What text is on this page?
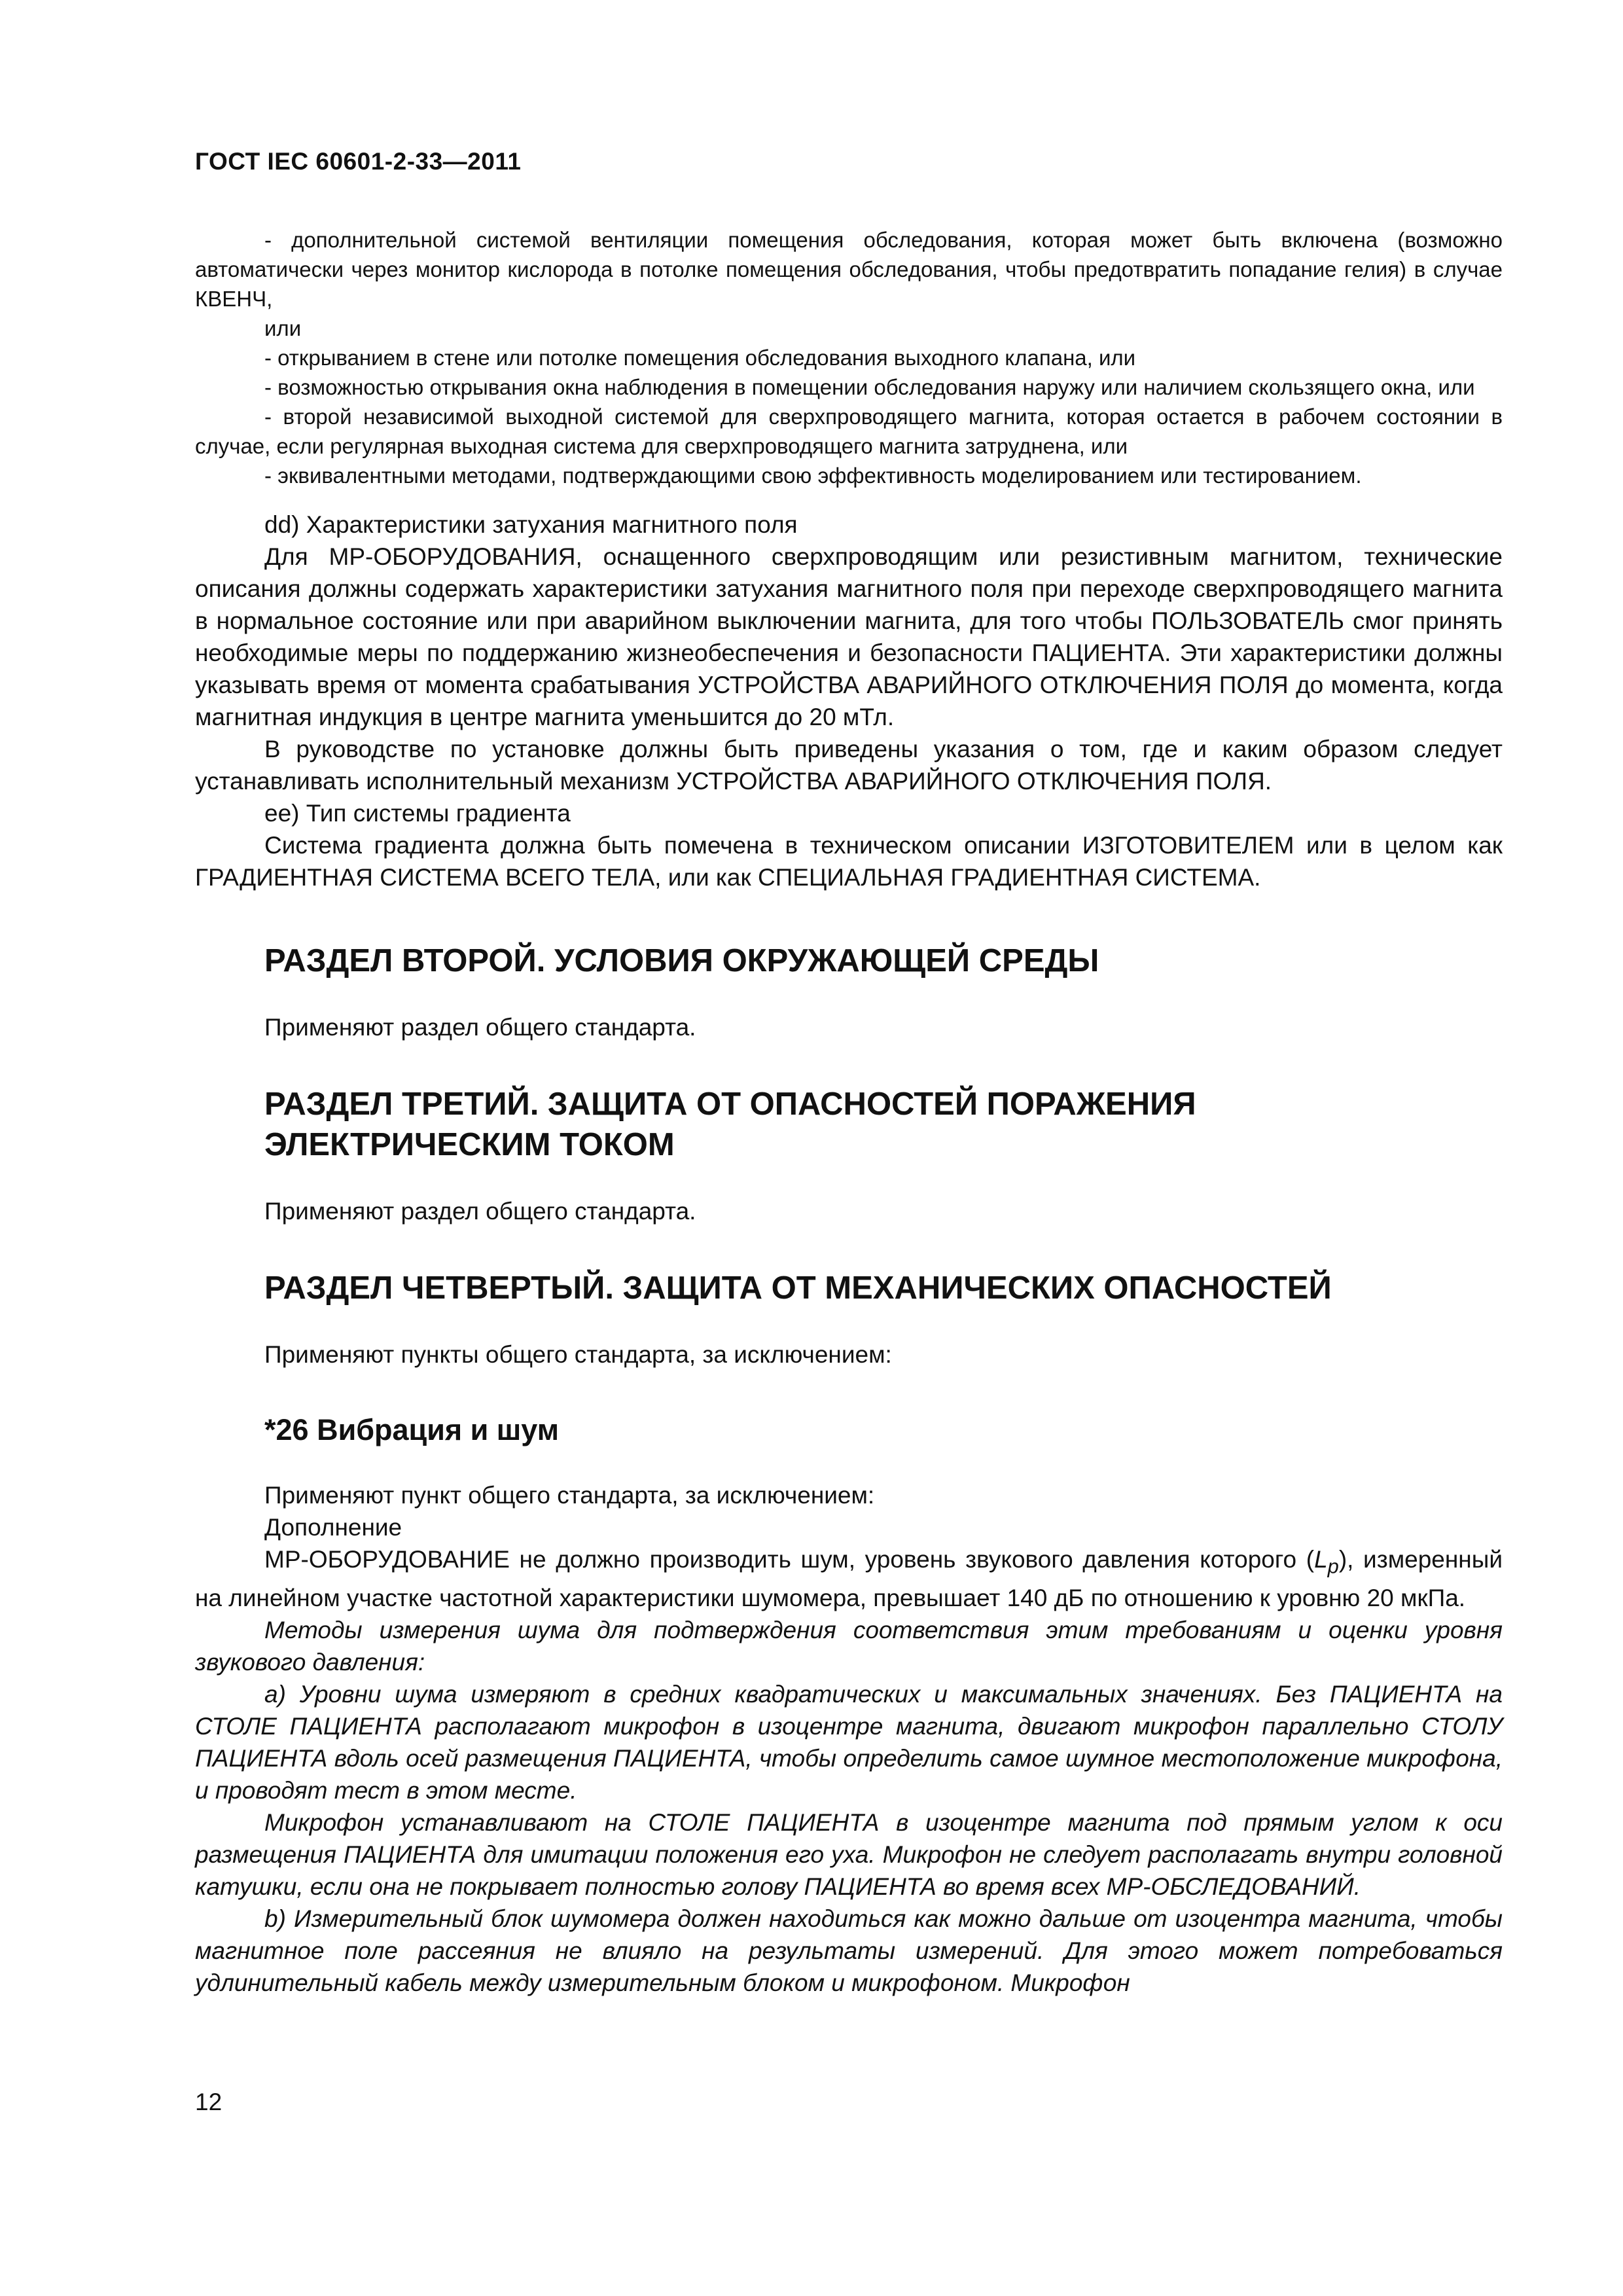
ГОСТ IEC 60601-2-33—2011

- дополнительной системой вентиляции помещения обследования, которая может быть включена (возможно автоматически через монитор кислорода в потолке помещения обследования, чтобы предотвратить попадание гелия) в случае КВЕНЧ,

или

- открыванием в стене или потолке помещения обследования выходного клапана, или

- возможностью открывания окна наблюдения в помещении обследования наружу или наличием скользящего окна, или

- второй независимой выходной системой для сверхпроводящего магнита, которая остается в рабочем состоянии в случае, если регулярная выходная система для сверхпроводящего магнита затруднена, или

- эквивалентными методами, подтверждающими свою эффективность моделированием или тестированием.

dd) Характеристики затухания магнитного поля

Для МР-ОБОРУДОВАНИЯ, оснащенного сверхпроводящим или резистивным магнитом, технические описания должны содержать характеристики затухания магнитного поля при переходе сверхпроводящего магнита в нормальное состояние или при аварийном выключении магнита, для того чтобы ПОЛЬЗОВАТЕЛЬ смог принять необходимые меры по поддержанию жизнеобеспечения и безопасности ПАЦИЕНТА. Эти характеристики должны указывать время от момента срабатывания УСТРОЙСТВА АВАРИЙНОГО ОТКЛЮЧЕНИЯ ПОЛЯ до момента, когда магнитная индукция в центре магнита уменьшится до 20 мТл.

В руководстве по установке должны быть приведены указания о том, где и каким образом следует устанавливать исполнительный механизм УСТРОЙСТВА АВАРИЙНОГО ОТКЛЮЧЕНИЯ ПОЛЯ.

ее) Тип системы градиента

Система градиента должна быть помечена в техническом описании ИЗГОТОВИТЕЛЕМ или в целом как ГРАДИЕНТНАЯ СИСТЕМА ВСЕГО ТЕЛА, или как СПЕЦИАЛЬНАЯ ГРАДИЕНТНАЯ СИСТЕМА.

РАЗДЕЛ ВТОРОЙ. УСЛОВИЯ ОКРУЖАЮЩЕЙ СРЕДЫ

Применяют раздел общего стандарта.

РАЗДЕЛ ТРЕТИЙ. ЗАЩИТА ОТ ОПАСНОСТЕЙ ПОРАЖЕНИЯ
ЭЛЕКТРИЧЕСКИМ ТОКОМ

Применяют раздел общего стандарта.

РАЗДЕЛ ЧЕТВЕРТЫЙ. ЗАЩИТА ОТ МЕХАНИЧЕСКИХ ОПАСНОСТЕЙ

Применяют пункты общего стандарта, за исключением:

*26 Вибрация и шум

Применяют пункт общего стандарта, за исключением:

Дополнение

МР-ОБОРУДОВАНИЕ не должно производить шум, уровень звукового давления которого $(L_p)$, измеренный на линейном участке частотной характеристики шумомера, превышает 140 дБ по отношению к уровню 20 мкПа.

Методы измерения шума для подтверждения соответствия этим требованиям и оценки уровня звукового давления:

а) Уровни шума измеряют в средних квадратических и максимальных значениях. Без ПАЦИЕНТА на СТОЛЕ ПАЦИЕНТА располагают микрофон в изоцентре магнита, двигают микрофон параллельно СТОЛУ ПАЦИЕНТА вдоль осей размещения ПАЦИЕНТА, чтобы определить самое шумное местоположение микрофона, и проводят тест в этом месте.

Микрофон устанавливают на СТОЛЕ ПАЦИЕНТА в изоцентре магнита под прямым углом к оси размещения ПАЦИЕНТА для имитации положения его уха. Микрофон не следует располагать внутри головной катушки, если она не покрывает полностью голову ПАЦИЕНТА во время всех МР-ОБСЛЕДОВАНИЙ.

b) Измерительный блок шумомера должен находиться как можно дальше от изоцентра магнита, чтобы магнитное поле рассеяния не влияло на результаты измерений. Для этого может потребоваться удлинительный кабель между измерительным блоком и микрофоном. Микрофон

12
